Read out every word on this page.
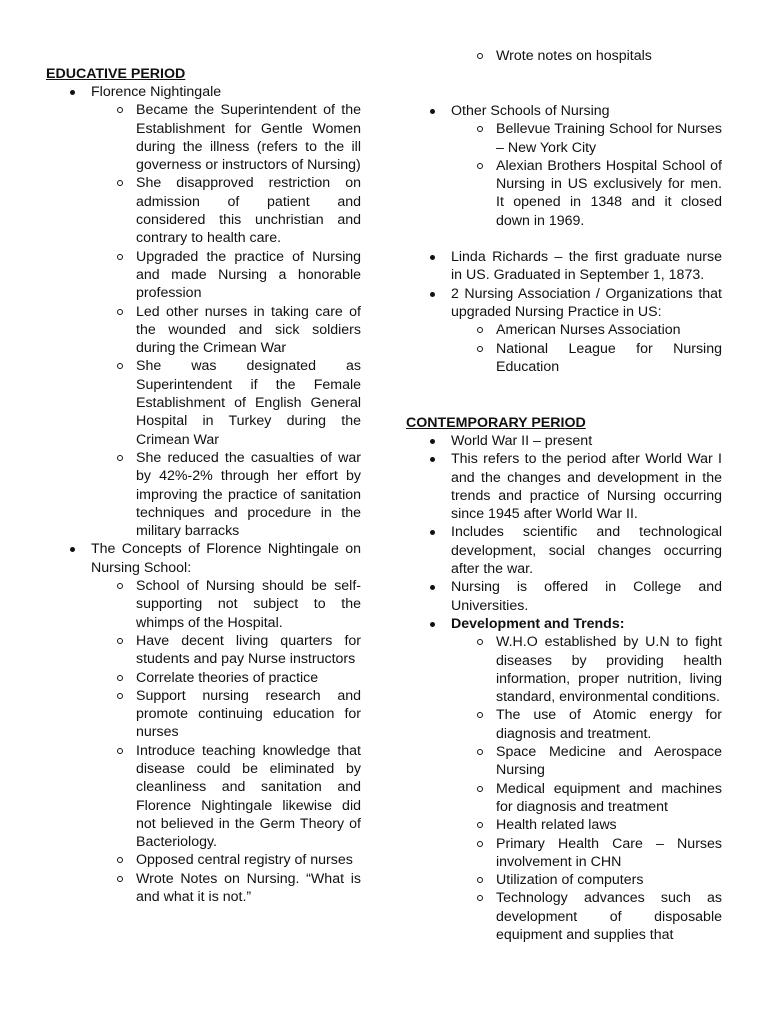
EDUCATIVE PERIOD
Florence Nightingale
Became the Superintendent of the Establishment for Gentle Women during the illness (refers to the ill governess or instructors of Nursing)
She disapproved restriction on admission of patient and considered this unchristian and contrary to health care.
Upgraded the practice of Nursing and made Nursing a honorable profession
Led other nurses in taking care of the wounded and sick soldiers during the Crimean War
She was designated as Superintendent if the Female Establishment of English General Hospital in Turkey during the Crimean War
She reduced the casualties of war by 42%-2% through her effort by improving the practice of sanitation techniques and procedure in the military barracks
The Concepts of Florence Nightingale on Nursing School:
School of Nursing should be self-supporting not subject to the whimps of the Hospital.
Have decent living quarters for students and pay Nurse instructors
Correlate theories of practice
Support nursing research and promote continuing education for nurses
Introduce teaching knowledge that disease could be eliminated by cleanliness and sanitation and Florence Nightingale likewise did not believed in the Germ Theory of Bacteriology.
Opposed central registry of nurses
Wrote Notes on Nursing. “What is and what it is not.”
Wrote notes on hospitals
Other Schools of Nursing
Bellevue Training School for Nurses – New York City
Alexian Brothers Hospital School of Nursing in US exclusively for men. It opened in 1348 and it closed down in 1969.
Linda Richards – the first graduate nurse in US. Graduated in September 1, 1873.
2 Nursing Association / Organizations that upgraded Nursing Practice in US:
American Nurses Association
National League for Nursing Education
CONTEMPORARY PERIOD
World War II – present
This refers to the period after World War I and the changes and development in the trends and practice of Nursing occurring since 1945 after World War II.
Includes scientific and technological development, social changes occurring after the war.
Nursing is offered in College and Universities.
Development and Trends:
W.H.O established by U.N to fight diseases by providing health information, proper nutrition, living standard, environmental conditions.
The use of Atomic energy for diagnosis and treatment.
Space Medicine and Aerospace Nursing
Medical equipment and machines for diagnosis and treatment
Health related laws
Primary Health Care – Nurses involvement in CHN
Utilization of computers
Technology advances such as development of disposable equipment and supplies that
